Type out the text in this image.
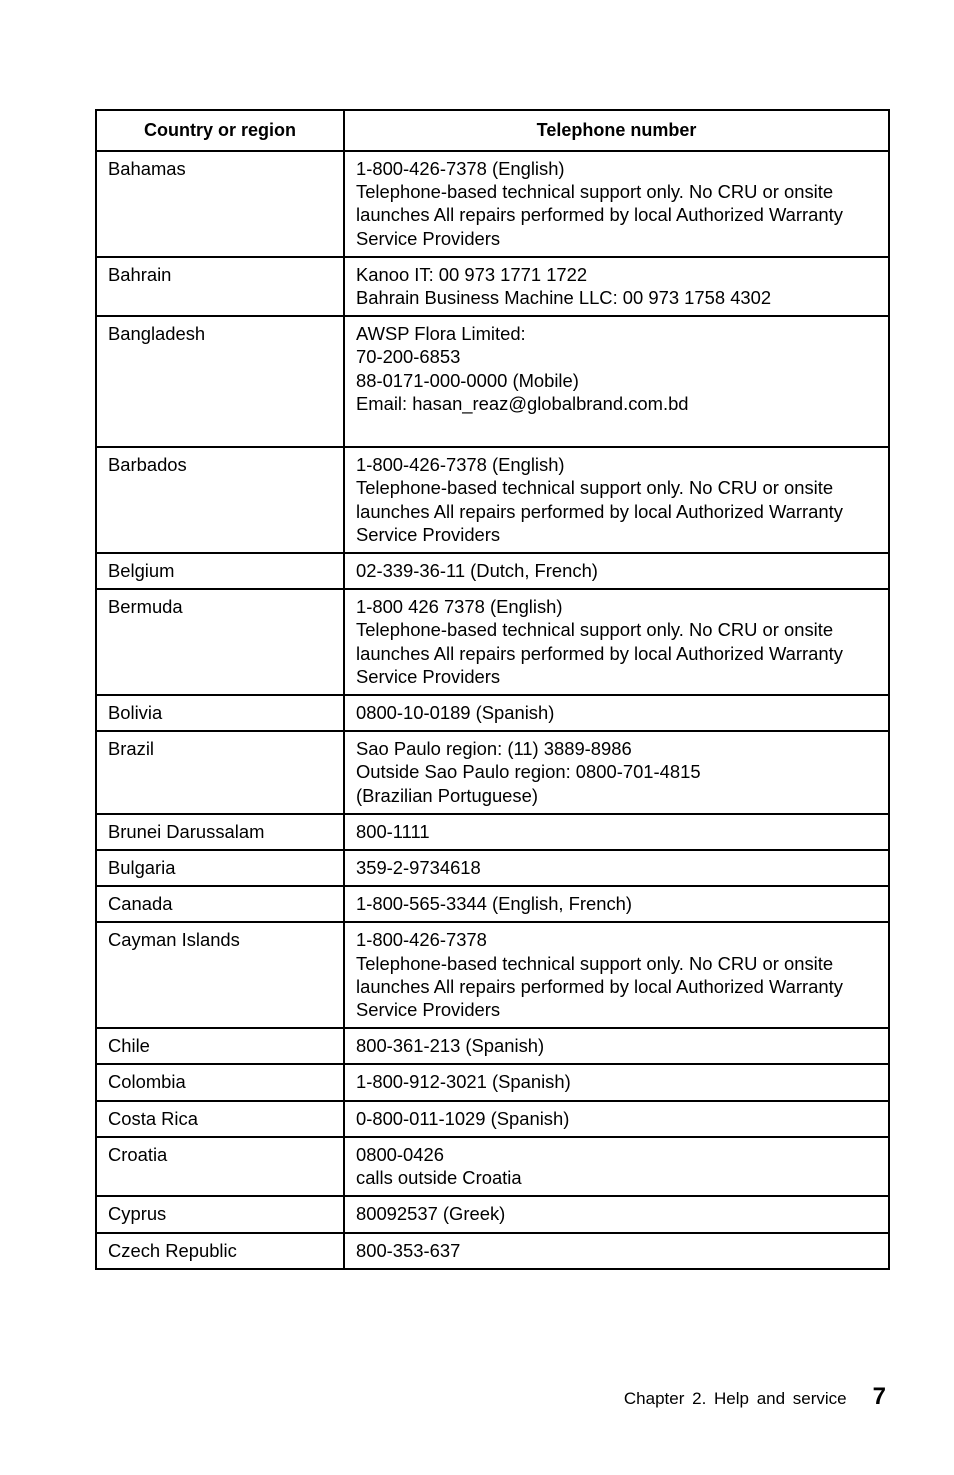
Country or region	Telephone number
Bahamas	1-800-426-7378 (English)
Telephone-based technical support only. No CRU or onsite
launches All repairs performed by local Authorized Warranty
Service Providers

Bahrain	Kanoo IT: 00 973 1771 1722
Bahrain Business Machine LLC: 00 973 1758 4302

Bangladesh	AWSP Flora Limited:
70-200-6853
88-0171-000-0000 (Mobile)
Email: hasan_reaz@globalbrand.com.bd

Barbados	1-800-426-7378 (English)
Telephone-based technical support only. No CRU or onsite
launches All repairs performed by local Authorized Warranty
Service Providers

Belgium	02-339-36-11 (Dutch, French)

Bermuda	1-800 426 7378 (English)
Telephone-based technical support only. No CRU or onsite
launches All repairs performed by local Authorized Warranty
Service Providers

Bolivia	0800-10-0189 (Spanish)

Brazil	Sao Paulo region: (11) 3889-8986
Outside Sao Paulo region: 0800-701-4815
(Brazilian Portuguese)

Brunei Darussalam	800-1111

Bulgaria	359-2-9734618

Canada	1-800-565-3344 (English, French)

Cayman Islands	1-800-426-7378
Telephone-based technical support only. No CRU or onsite
launches All repairs performed by local Authorized Warranty
Service Providers

Chile	800-361-213 (Spanish)

Colombia	1-800-912-3021 (Spanish)

Costa Rica	0-800-011-1029 (Spanish)

Croatia	0800-0426
calls outside Croatia

Cyprus	80092537 (Greek)

Czech Republic	800-353-637
Chapter 2. Help and service 7
